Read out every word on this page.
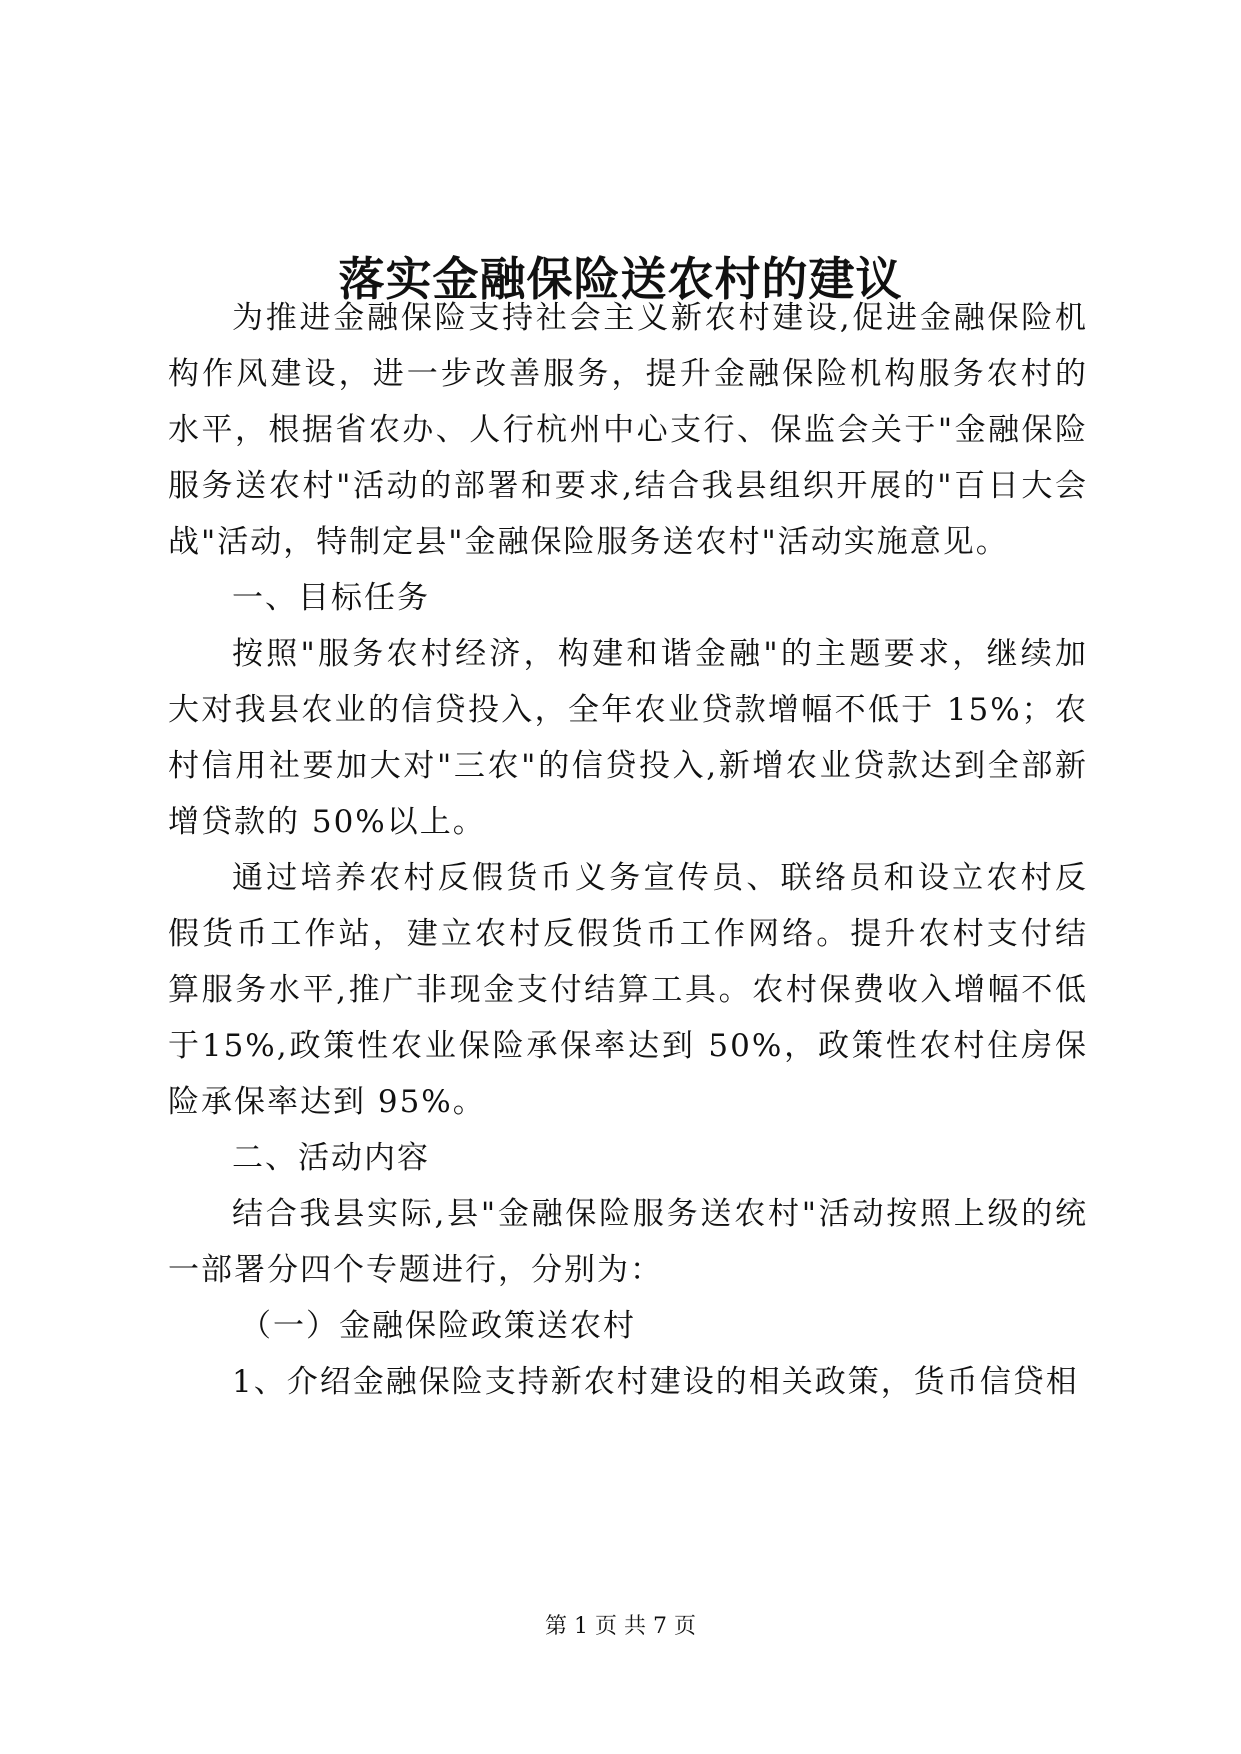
落实金融保险送农村的建议

为推进金融保险支持社会主义新农村建设,促进金融保险机构作风建设，进一步改善服务，提升金融保险机构服务农村的水平，根据省农办、人行杭州中心支行、保监会关于"金融保险服务送农村"活动的部署和要求,结合我县组织开展的"百日大会战"活动，特制定县"金融保险服务送农村"活动实施意见。

一、目标任务

按照"服务农村经济，构建和谐金融"的主题要求，继续加大对我县农业的信贷投入，全年农业贷款增幅不低于 15%；农村信用社要加大对"三农"的信贷投入,新增农业贷款达到全部新增贷款的 50%以上。

通过培养农村反假货币义务宣传员、联络员和设立农村反假货币工作站，建立农村反假货币工作网络。提升农村支付结算服务水平,推广非现金支付结算工具。农村保费收入增幅不低于15%,政策性农业保险承保率达到 50%，政策性农村住房保险承保率达到 95%。

二、活动内容

结合我县实际,县"金融保险服务送农村"活动按照上级的统一部署分四个专题进行，分别为：

（一）金融保险政策送农村

1、介绍金融保险支持新农村建设的相关政策，货币信贷相

第 1 页 共 7 页
